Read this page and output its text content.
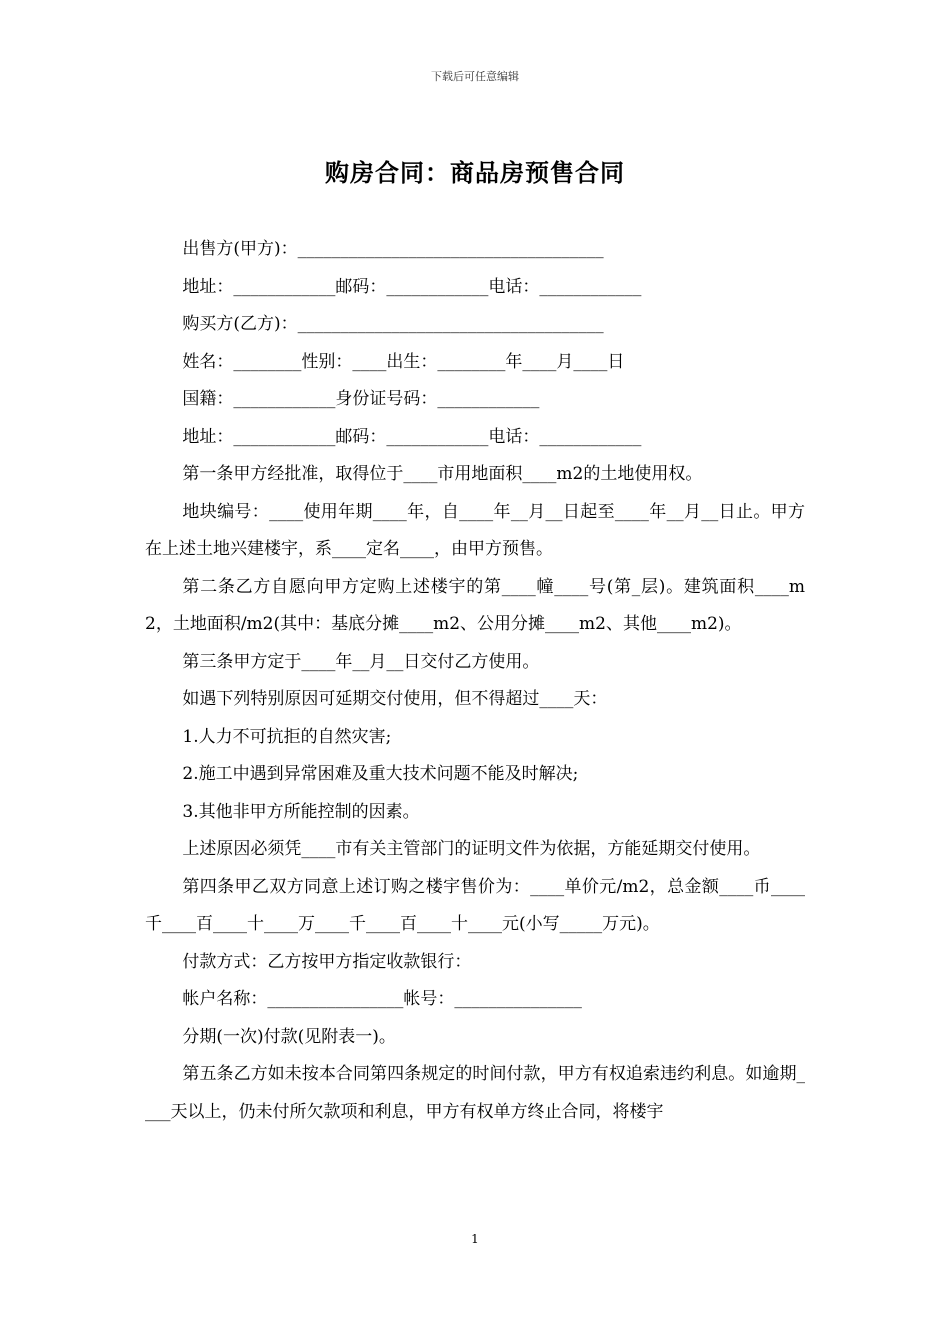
下载后可任意编辑
购房合同：商品房预售合同

出售方(甲方)：____________________________________

地址：____________邮码：____________电话：____________

购买方(乙方)：____________________________________

姓名：________性别：____出生：________年____月____日

国籍：____________身份证号码：____________

地址：____________邮码：____________电话：____________

第一条甲方经批准，取得位于____市用地面积____m2的土地使用权。

地块编号：____使用年期____年，自____年__月__日起至____年__月__日止。甲方在上述土地兴建楼宇，系____定名____，由甲方预售。

第二条乙方自愿向甲方定购上述楼宇的第____幢____号(第_层)。建筑面积____m2，土地面积/m2(其中：基底分摊____m2、公用分摊____m2、其他____m2)。

第三条甲方定于____年__月__日交付乙方使用。

如遇下列特别原因可延期交付使用，但不得超过____天：

1.人力不可抗拒的自然灾害;

2.施工中遇到异常困难及重大技术问题不能及时解决;

3.其他非甲方所能控制的因素。

上述原因必须凭____市有关主管部门的证明文件为依据，方能延期交付使用。

第四条甲乙双方同意上述订购之楼宇售价为：____单价元/m2，总金额____币____千____百____十____万____千____百____十____元(小写_____万元)。

付款方式：乙方按甲方指定收款银行：

帐户名称：________________帐号：_______________

分期(一次)付款(见附表一)。

第五条乙方如未按本合同第四条规定的时间付款，甲方有权追索违约利息。如逾期____天以上，仍未付所欠款项和利息，甲方有权单方终止合同，将楼宇

1
